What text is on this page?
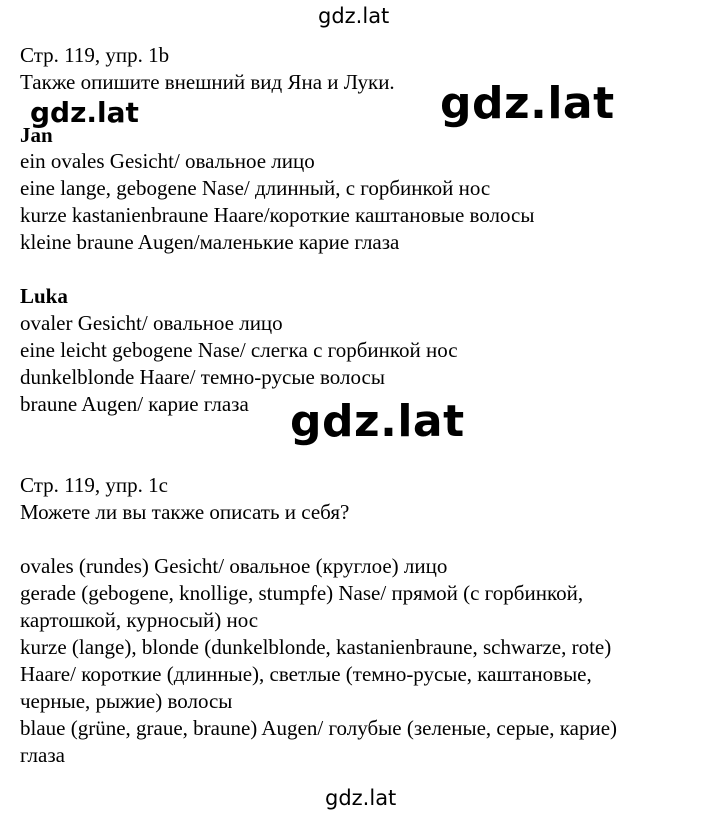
gdz.lat
gdz.lat	gdz.lat
gdz.lat
gdz.lat
Стр. 119, упр. 1b
Также опишите внешний вид Яна и Луки.
Jan
ein ovales Gesicht/ овальное лицо
eine lange, gebogene Nase/ длинный, с горбинкой нос
kurze kastanienbraune Haare/короткие каштановые волосы
kleine braune Augen/маленькие карие глаза
Luka
ovaler Gesicht/ овальное лицо
eine leicht gebogene Nase/ слегка с горбинкой нос
dunkelblonde Haare/ темно-русые волосы
braune Augen/ карие глаза
Стр. 119, упр. 1c
Можете ли вы также описать и себя?
ovales (rundes) Gesicht/ овальное (круглое) лицо
gerade (gebogene, knollige, stumpfe) Nase/ прямой (с горбинкой,
картошкой, курносый) нос
kurze (lange), blonde (dunkelblonde, kastanienbraune, schwarze, rote)
Haare/ короткие (длинные), светлые (темно-русые, каштановые,
черные, рыжие) волосы
blaue (grüne, graue, braune) Augen/ голубые (зеленые, серые, карие)
глаза
